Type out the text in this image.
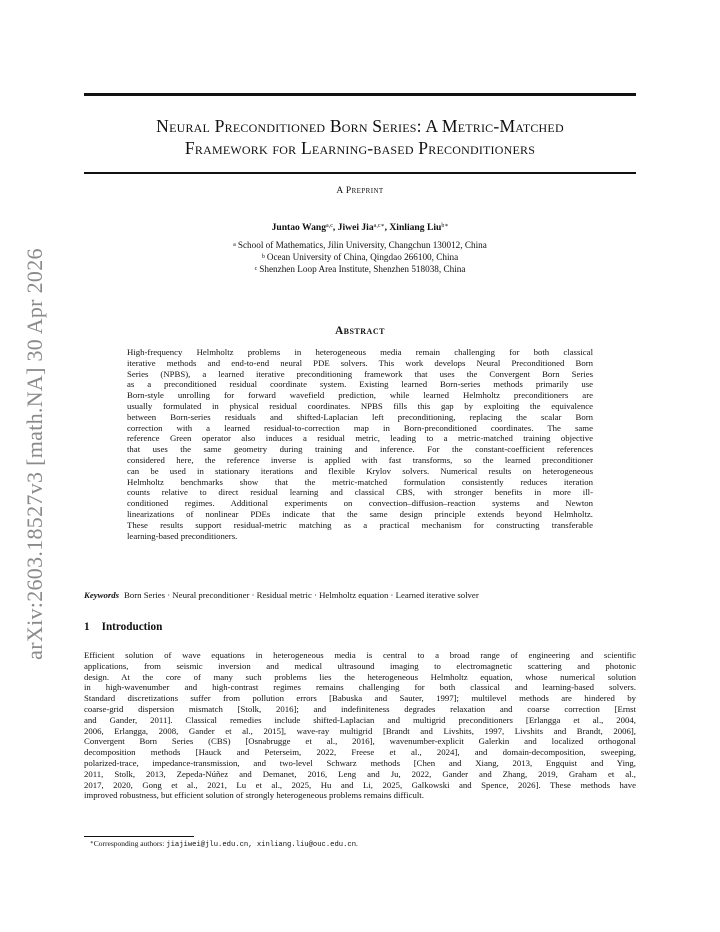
arXiv:2603.18527v3 [math.NA] 30 Apr 2026
Neural Preconditioned Born Series: A Metric-Matched
Framework for Learning-based Preconditioners
A Preprint
Juntao Wang$^{a,c}$, Jiwei Jia$^{a,c∗}$, Xinliang Liu$^{b∗}$
$^a$ School of Mathematics, Jilin University, Changchun 130012, China
$^b$ Ocean University of China, Qingdao 266100, China
$^c$ Shenzhen Loop Area Institute, Shenzhen 518038, China
Abstract
High-frequency Helmholtz problems in heterogeneous media remain challenging for both classical
iterative methods and end-to-end neural PDE solvers. This work develops Neural Preconditioned Born
Series (NPBS), a learned iterative preconditioning framework that uses the Convergent Born Series
as a preconditioned residual coordinate system. Existing learned Born-series methods primarily use
Born-style unrolling for forward wavefield prediction, while learned Helmholtz preconditioners are
usually formulated in physical residual coordinates. NPBS fills this gap by exploiting the equivalence
between Born-series residuals and shifted-Laplacian left preconditioning, replacing the scalar Born
correction with a learned residual-to-correction map in Born-preconditioned coordinates. The same
reference Green operator also induces a residual metric, leading to a metric-matched training objective
that uses the same geometry during training and inference. For the constant-coefficient references
considered here, the reference inverse is applied with fast transforms, so the learned preconditioner
can be used in stationary iterations and flexible Krylov solvers. Numerical results on heterogeneous
Helmholtz benchmarks show that the metric-matched formulation consistently reduces iteration
counts relative to direct residual learning and classical CBS, with stronger benefits in more ill-
conditioned regimes. Additional experiments on convection–diffusion–reaction systems and Newton
linearizations of nonlinear PDEs indicate that the same design principle extends beyond Helmholtz.
These results support residual-metric matching as a practical mechanism for constructing transferable
learning-based preconditioners.
Keywords Born Series · Neural preconditioner · Residual metric · Helmholtz equation · Learned iterative solver
1 Introduction
Efficient solution of wave equations in heterogeneous media is central to a broad range of engineering and scientific
applications, from seismic inversion and medical ultrasound imaging to electromagnetic scattering and photonic
design. At the core of many such problems lies the heterogeneous Helmholtz equation, whose numerical solution
in high-wavenumber and high-contrast regimes remains challenging for both classical and learning-based solvers.
Standard discretizations suffer from pollution errors [Babuska and Sauter, 1997]; multilevel methods are hindered by
coarse-grid dispersion mismatch [Stolk, 2016]; and indefiniteness degrades relaxation and coarse correction [Ernst
and Gander, 2011]. Classical remedies include shifted-Laplacian and multigrid preconditioners [Erlangga et al., 2004,
2006, Erlangga, 2008, Gander et al., 2015], wave-ray multigrid [Brandt and Livshits, 1997, Livshits and Brandt, 2006],
Convergent Born Series (CBS) [Osnabrugge et al., 2016], wavenumber-explicit Galerkin and localized orthogonal
decomposition methods [Hauck and Peterseim, 2022, Freese et al., 2024], and domain-decomposition, sweeping,
polarized-trace, impedance-transmission, and two-level Schwarz methods [Chen and Xiang, 2013, Engquist and Ying,
2011, Stolk, 2013, Zepeda-Núñez and Demanet, 2016, Leng and Ju, 2022, Gander and Zhang, 2019, Graham et al.,
2017, 2020, Gong et al., 2021, Lu et al., 2025, Hu and Li, 2025, Galkowski and Spence, 2026]. These methods have
improved robustness, but efficient solution of strongly heterogeneous problems remains difficult.
∗Corresponding authors: jiajiwei@jlu.edu.cn, xinliang.liu@ouc.edu.cn.
